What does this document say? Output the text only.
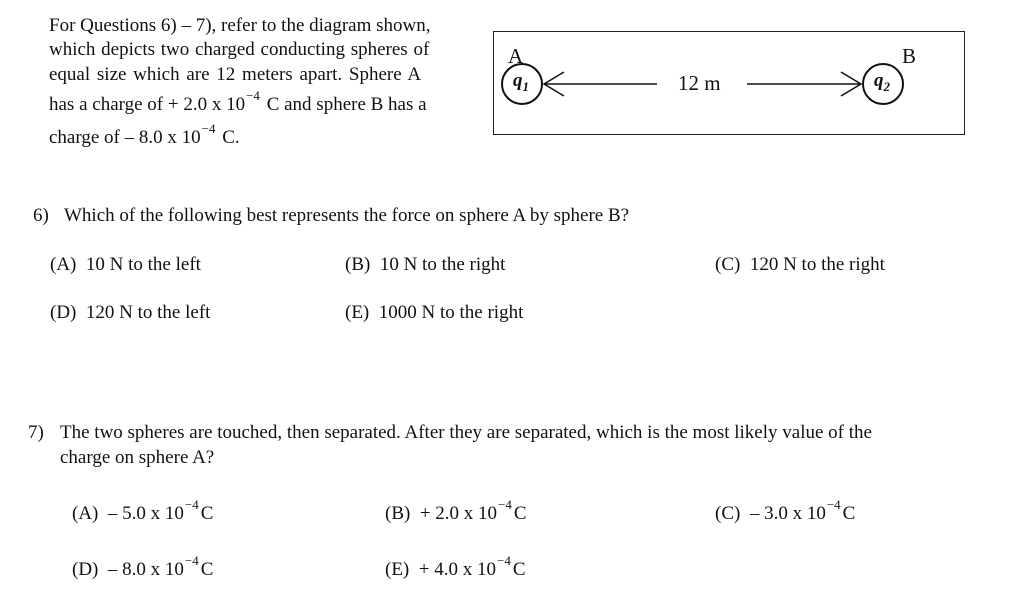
For Questions 6) – 7), refer to the diagram shown,
which depicts two charged conducting spheres of
equal size which are 12 meters apart. Sphere A
has a charge of + 2.0 x $10^{-4}$ C and sphere B has a
charge of – 8.0 x $10^{-4}$ C.
A	B
$q_1$	$q_2$
12 m
6) Which of the following best represents the force on sphere A by sphere B?
(A) 10 N to the left	(B) 10 N to the right	(C) 120 N to the right
(D) 120 N to the left	(E) 1000 N to the right
7) The two spheres are touched, then separated. After they are separated, which is the most likely value of the
charge on sphere A?
(A) – 5.0 x $10^{-4}$ C	(B) + 2.0 x $10^{-4}$ C	(C) – 3.0 x $10^{-4}$ C
(D) – 8.0 x $10^{-4}$ C	(E) + 4.0 x $10^{-4}$ C
